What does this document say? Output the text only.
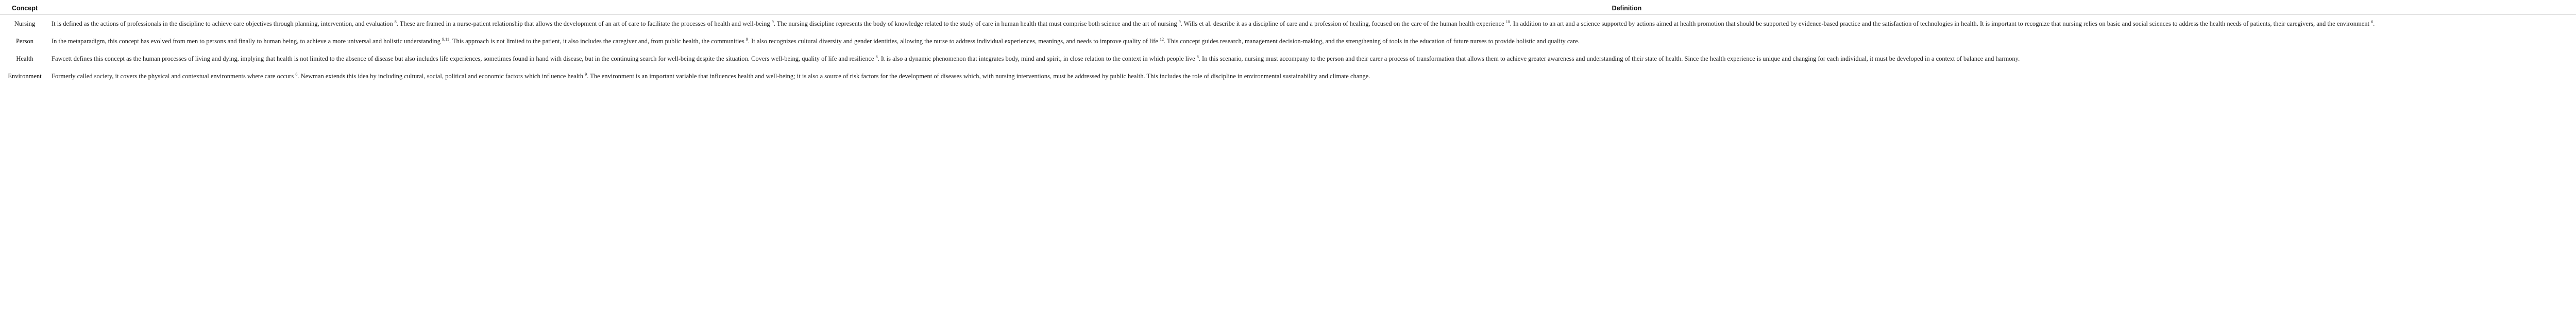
Concept	Definition
Nursing	It is defined as the actions of professionals in the discipline to achieve care objectives through planning, intervention, and evaluation $^8$. These are framed in a nurse-patient relationship that allows the development of an art of care to facilitate the processes of health and well-being $^9$. The nursing discipline represents the body of knowledge related to the study of care in human health that must comprise both science and the art of nursing $^9$. Wills et al. describe it as a discipline of care and a profession of healing, focused on the care of the human health experience $^{10}$. In addition to an art and a science supported by actions aimed at health promotion that should be supported by evidence-based practice and the satisfaction of technologies in health. It is important to recognize that nursing relies on basic and social sciences to address the health needs of patients, their caregivers, and the environment $^6$.
Person	In the metaparadigm, this concept has evolved from men to persons and finally to human being, to achieve a more universal and holistic understanding $^{9,11}$. This approach is not limited to the patient, it also includes the caregiver and, from public health, the communities $^9$. It also recognizes cultural diversity and gender identities, allowing the nurse to address individual experiences, meanings, and needs to improve quality of life $^{12}$. This concept guides research, management decision-making, and the strengthening of tools in the education of future nurses to provide holistic and quality care.
Health	Fawcett defines this concept as the human processes of living and dying, implying that health is not limited to the absence of disease but also includes life experiences, sometimes found in hand with disease, but in the continuing search for well-being despite the situation. Covers well-being, quality of life and resilience $^6$. It is also a dynamic phenomenon that integrates body, mind and spirit, in close relation to the context in which people live $^8$. In this scenario, nursing must accompany to the person and their carer a process of transformation that allows them to achieve greater awareness and understanding of their state of health. Since the health experience is unique and changing for each individual, it must be developed in a context of balance and harmony.
Environment	Formerly called society, it covers the physical and contextual environments where care occurs $^6$. Newman extends this idea by including cultural, social, political and economic factors which influence health $^9$. The environment is an important variable that influences health and well-being; it is also a source of risk factors for the development of diseases which, with nursing interventions, must be addressed by public health. This includes the role of discipline in environmental sustainability and climate change.
